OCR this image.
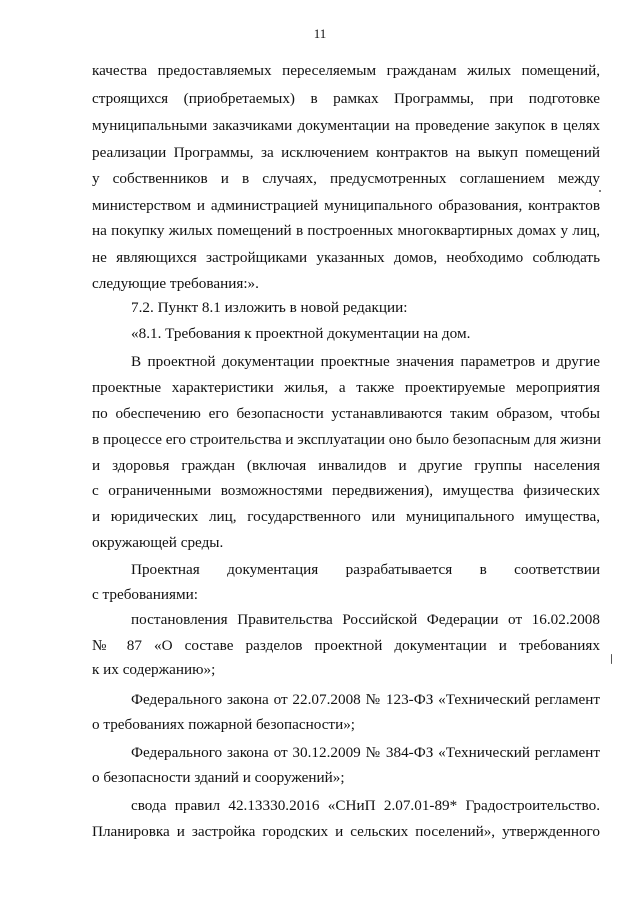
11
качества предоставляемых переселяемым гражданам жилых помещений,
строящихся (приобретаемых) в рамках Программы, при подготовке
муниципальными заказчиками документации на проведение закупок в целях
реализации Программы, за исключением контрактов на выкуп помещений
у собственников и в случаях, предусмотренных соглашением между
министерством и администрацией муниципального образования, контрактов
на покупку жилых помещений в построенных многоквартирных домах у лиц,
не являющихся застройщиками указанных домов, необходимо соблюдать
следующие требования:».
7.2. Пункт 8.1 изложить в новой редакции:
«8.1. Требования к проектной документации на дом.
В проектной документации проектные значения параметров и другие
проектные характеристики жилья, а также проектируемые мероприятия
по обеспечению его безопасности устанавливаются таким образом, чтобы
в процессе его строительства и эксплуатации оно было безопасным для жизни
и здоровья граждан (включая инвалидов и другие группы населения
с ограниченными возможностями передвижения), имущества физических
и юридических лиц, государственного или муниципального имущества,
окружающей среды.
Проектная документация разрабатывается в соответствии
с требованиями:
постановления Правительства Российской Федерации от 16.02.2008
№ 87 «О составе разделов проектной документации и требованиях
к их содержанию»;
Федерального закона от 22.07.2008 № 123-ФЗ «Технический регламент
о требованиях пожарной безопасности»;
Федерального закона от 30.12.2009 № 384-ФЗ «Технический регламент
о безопасности зданий и сооружений»;
свода правил 42.13330.2016 «СНиП 2.07.01-89* Градостроительство.
Планировка и застройка городских и сельских поселений», утвержденного
